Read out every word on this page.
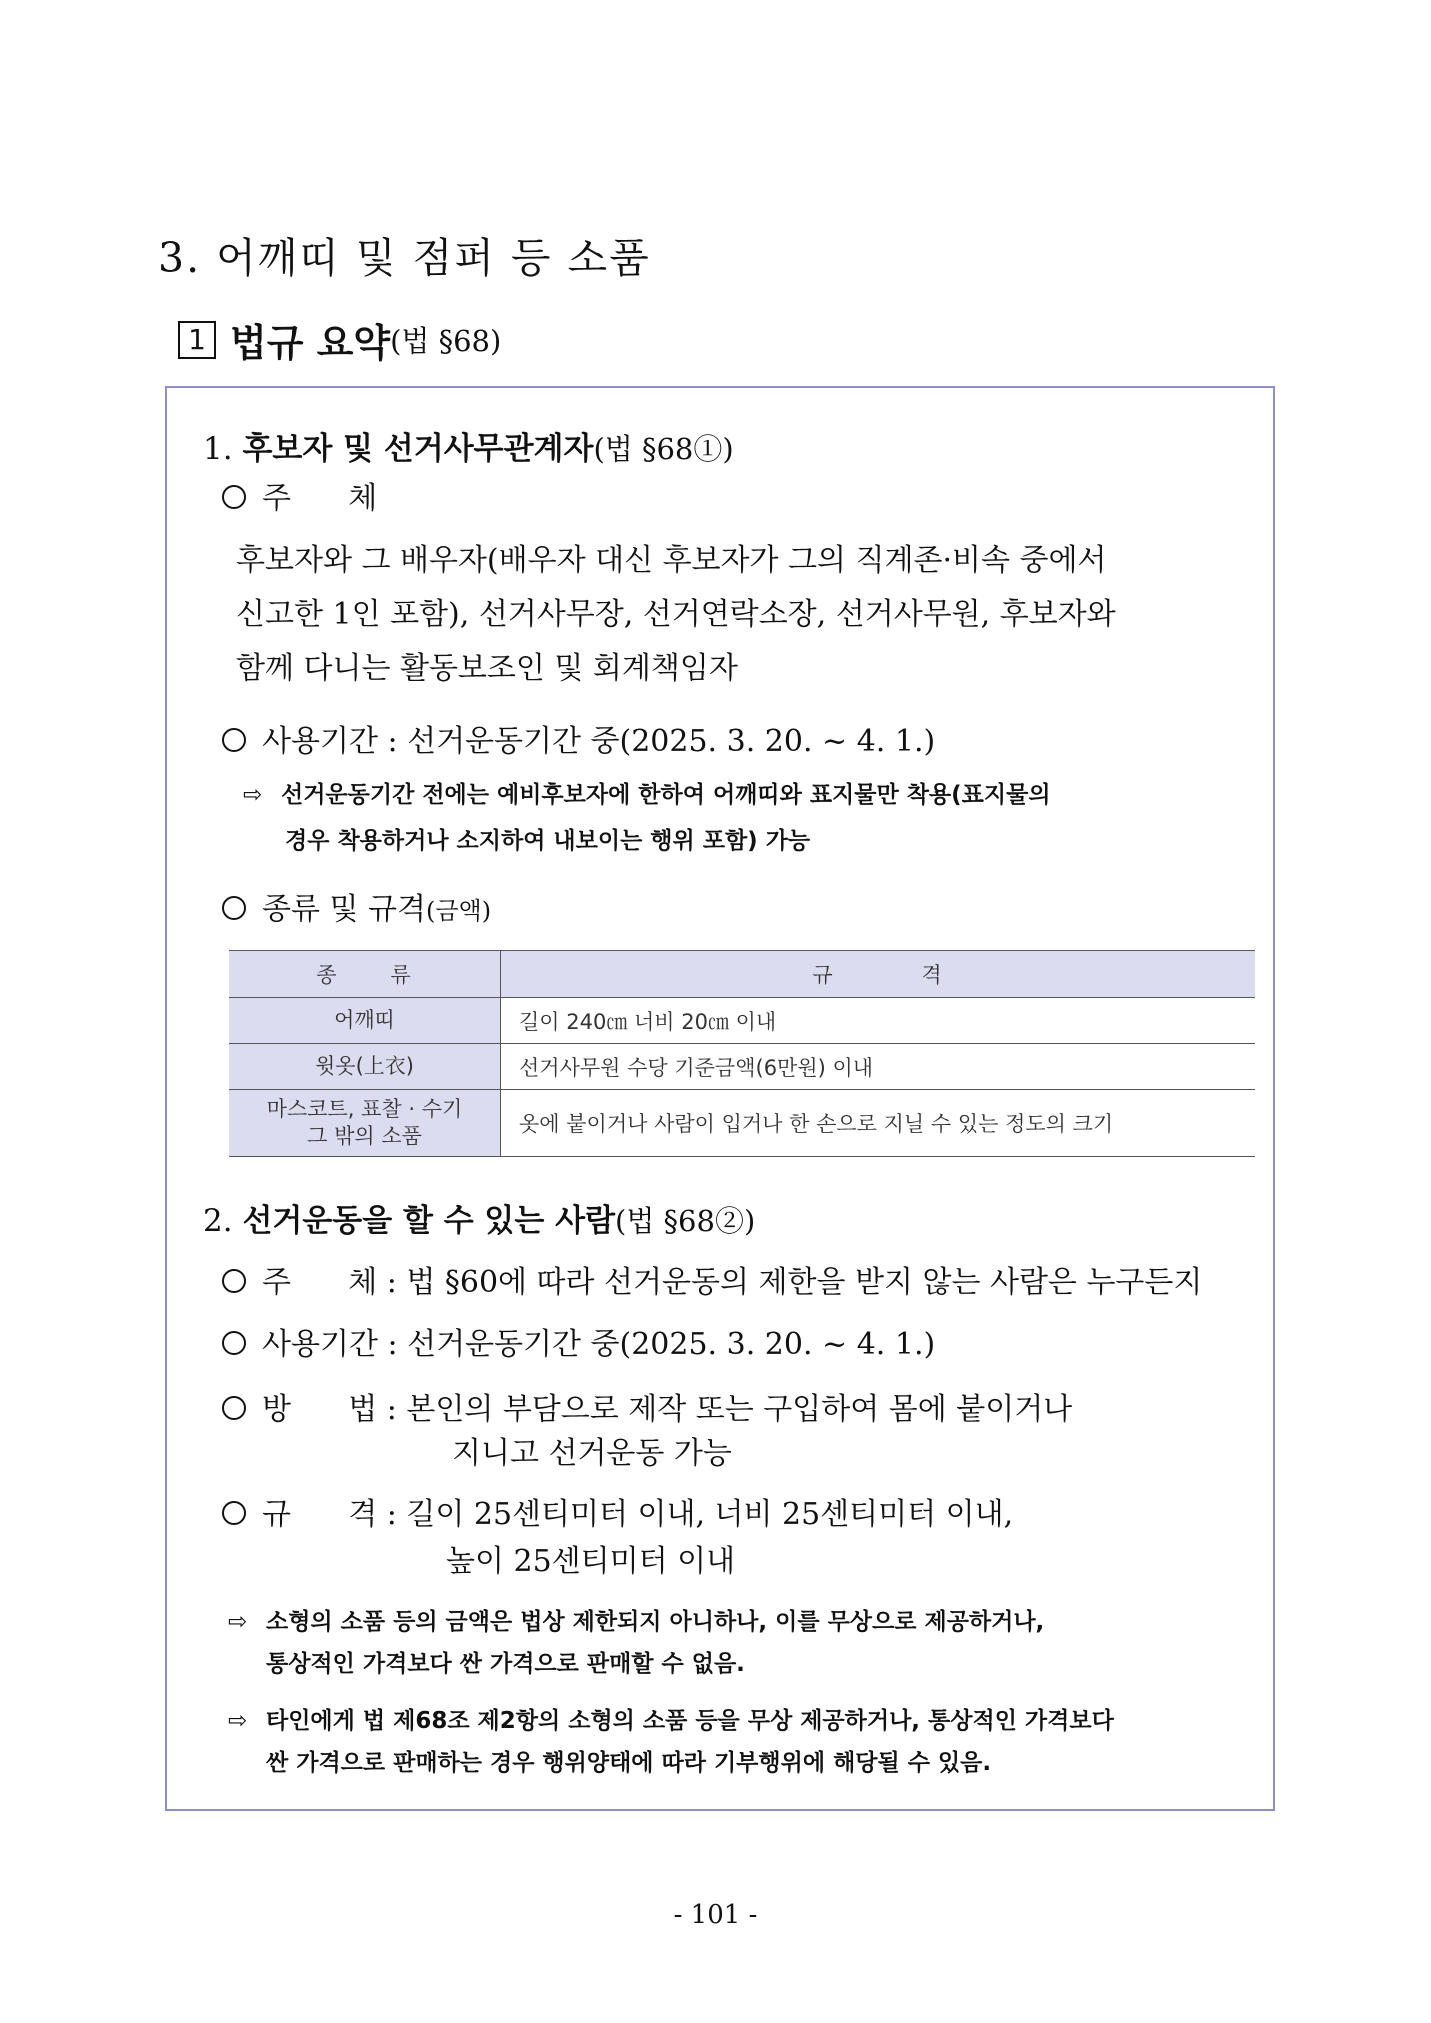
3. 어깨띠 및 점퍼 등 소품
1 법규 요약(법 §68)
1. 후보자 및 선거사무관계자(법 §68①)
주      체
후보자와 그 배우자(배우자 대신 후보자가 그의 직계존·비속 중에서
신고한 1인 포함), 선거사무장, 선거연락소장, 선거사무원, 후보자와
함께 다니는 활동보조인 및 회계책임자
사용기간 : 선거운동기간 중(2025. 3. 20. ~ 4. 1.)
⇨ 선거운동기간 전에는 예비후보자에 한하여 어깨띠와 표지물만 착용(표지물의
경우 착용하거나 소지하여 내보이는 행위 포함) 가능
종류 및 규격(금액)
종      류	규          격
어깨띠	길이 240㎝ 너비 20㎝ 이내
윗옷(上衣)	선거사무원 수당 기준금액(6만원) 이내

마스코트, 표찰 · 수기
그 밖의 소품	옷에 붙이거나 사람이 입거나 한 손으로 지닐 수 있는 정도의 크기
2. 선거운동을 할 수 있는 사람(법 §68②)
주      체 : 법 §60에 따라 선거운동의 제한을 받지 않는 사람은 누구든지
사용기간 : 선거운동기간 중(2025. 3. 20. ~ 4. 1.)
방      법 : 본인의 부담으로 제작 또는 구입하여 몸에 붙이거나
지니고 선거운동 가능
규      격 : 길이 25센티미터 이내, 너비 25센티미터 이내,
높이 25센티미터 이내
⇨ 소형의 소품 등의 금액은 법상 제한되지 아니하나, 이를 무상으로 제공하거나,
통상적인 가격보다 싼 가격으로 판매할 수 없음.
⇨ 타인에게 법 제68조 제2항의 소형의 소품 등을 무상 제공하거나, 통상적인 가격보다
싼 가격으로 판매하는 경우 행위양태에 따라 기부행위에 해당될 수 있음.
- 101 -
